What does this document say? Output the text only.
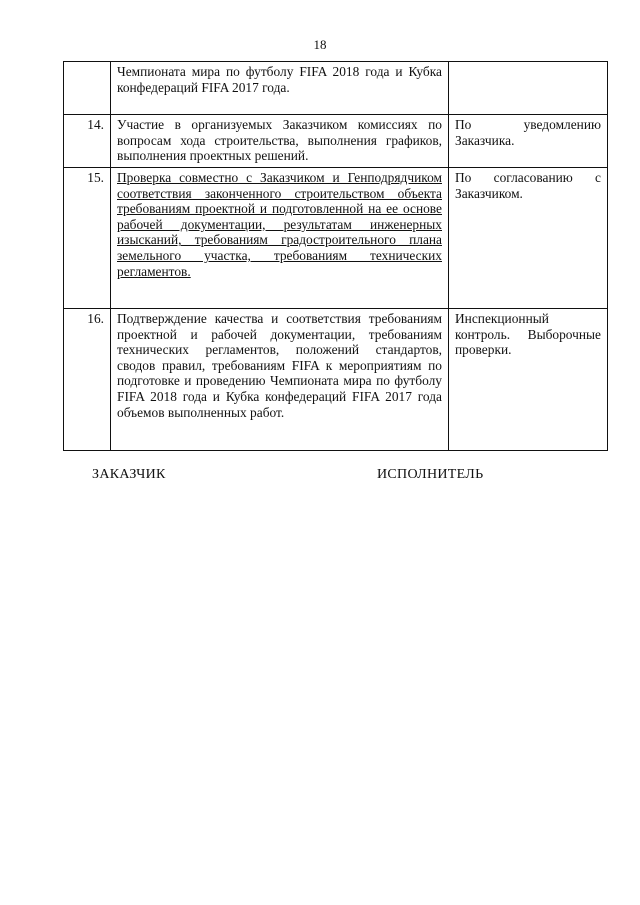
18
	Чемпионата мира по футболу FIFA 2018 года и Кубка конфедераций FIFA 2017 года.	
14.	Участие в организуемых Заказчиком комиссиях по вопросам хода строительства, выполнения графиков, выполнения проектных решений.	По уведомлению Заказчика.
15.	Проверка совместно с Заказчиком и Генподрядчиком соответствия законченного строительством объекта требованиям проектной и подготовленной на ее основе рабочей документации, результатам инженерных изысканий, требованиям градостроительного плана земельного участка, требованиям технических регламентов.	По согласованию с Заказчиком.
16.	Подтверждение качества и соответствия требованиям проектной и рабочей документации, требованиям технических регламентов, положений стандартов, сводов правил, требованиям FIFA к мероприятиям по подготовке и проведению Чемпионата мира по футболу FIFA 2018 года и Кубка конфедераций FIFA 2017 года объемов выполненных работ.	Инспекционный контроль. Выборочные проверки.
ЗАКАЗЧИК	ИСПОЛНИТЕЛЬ
